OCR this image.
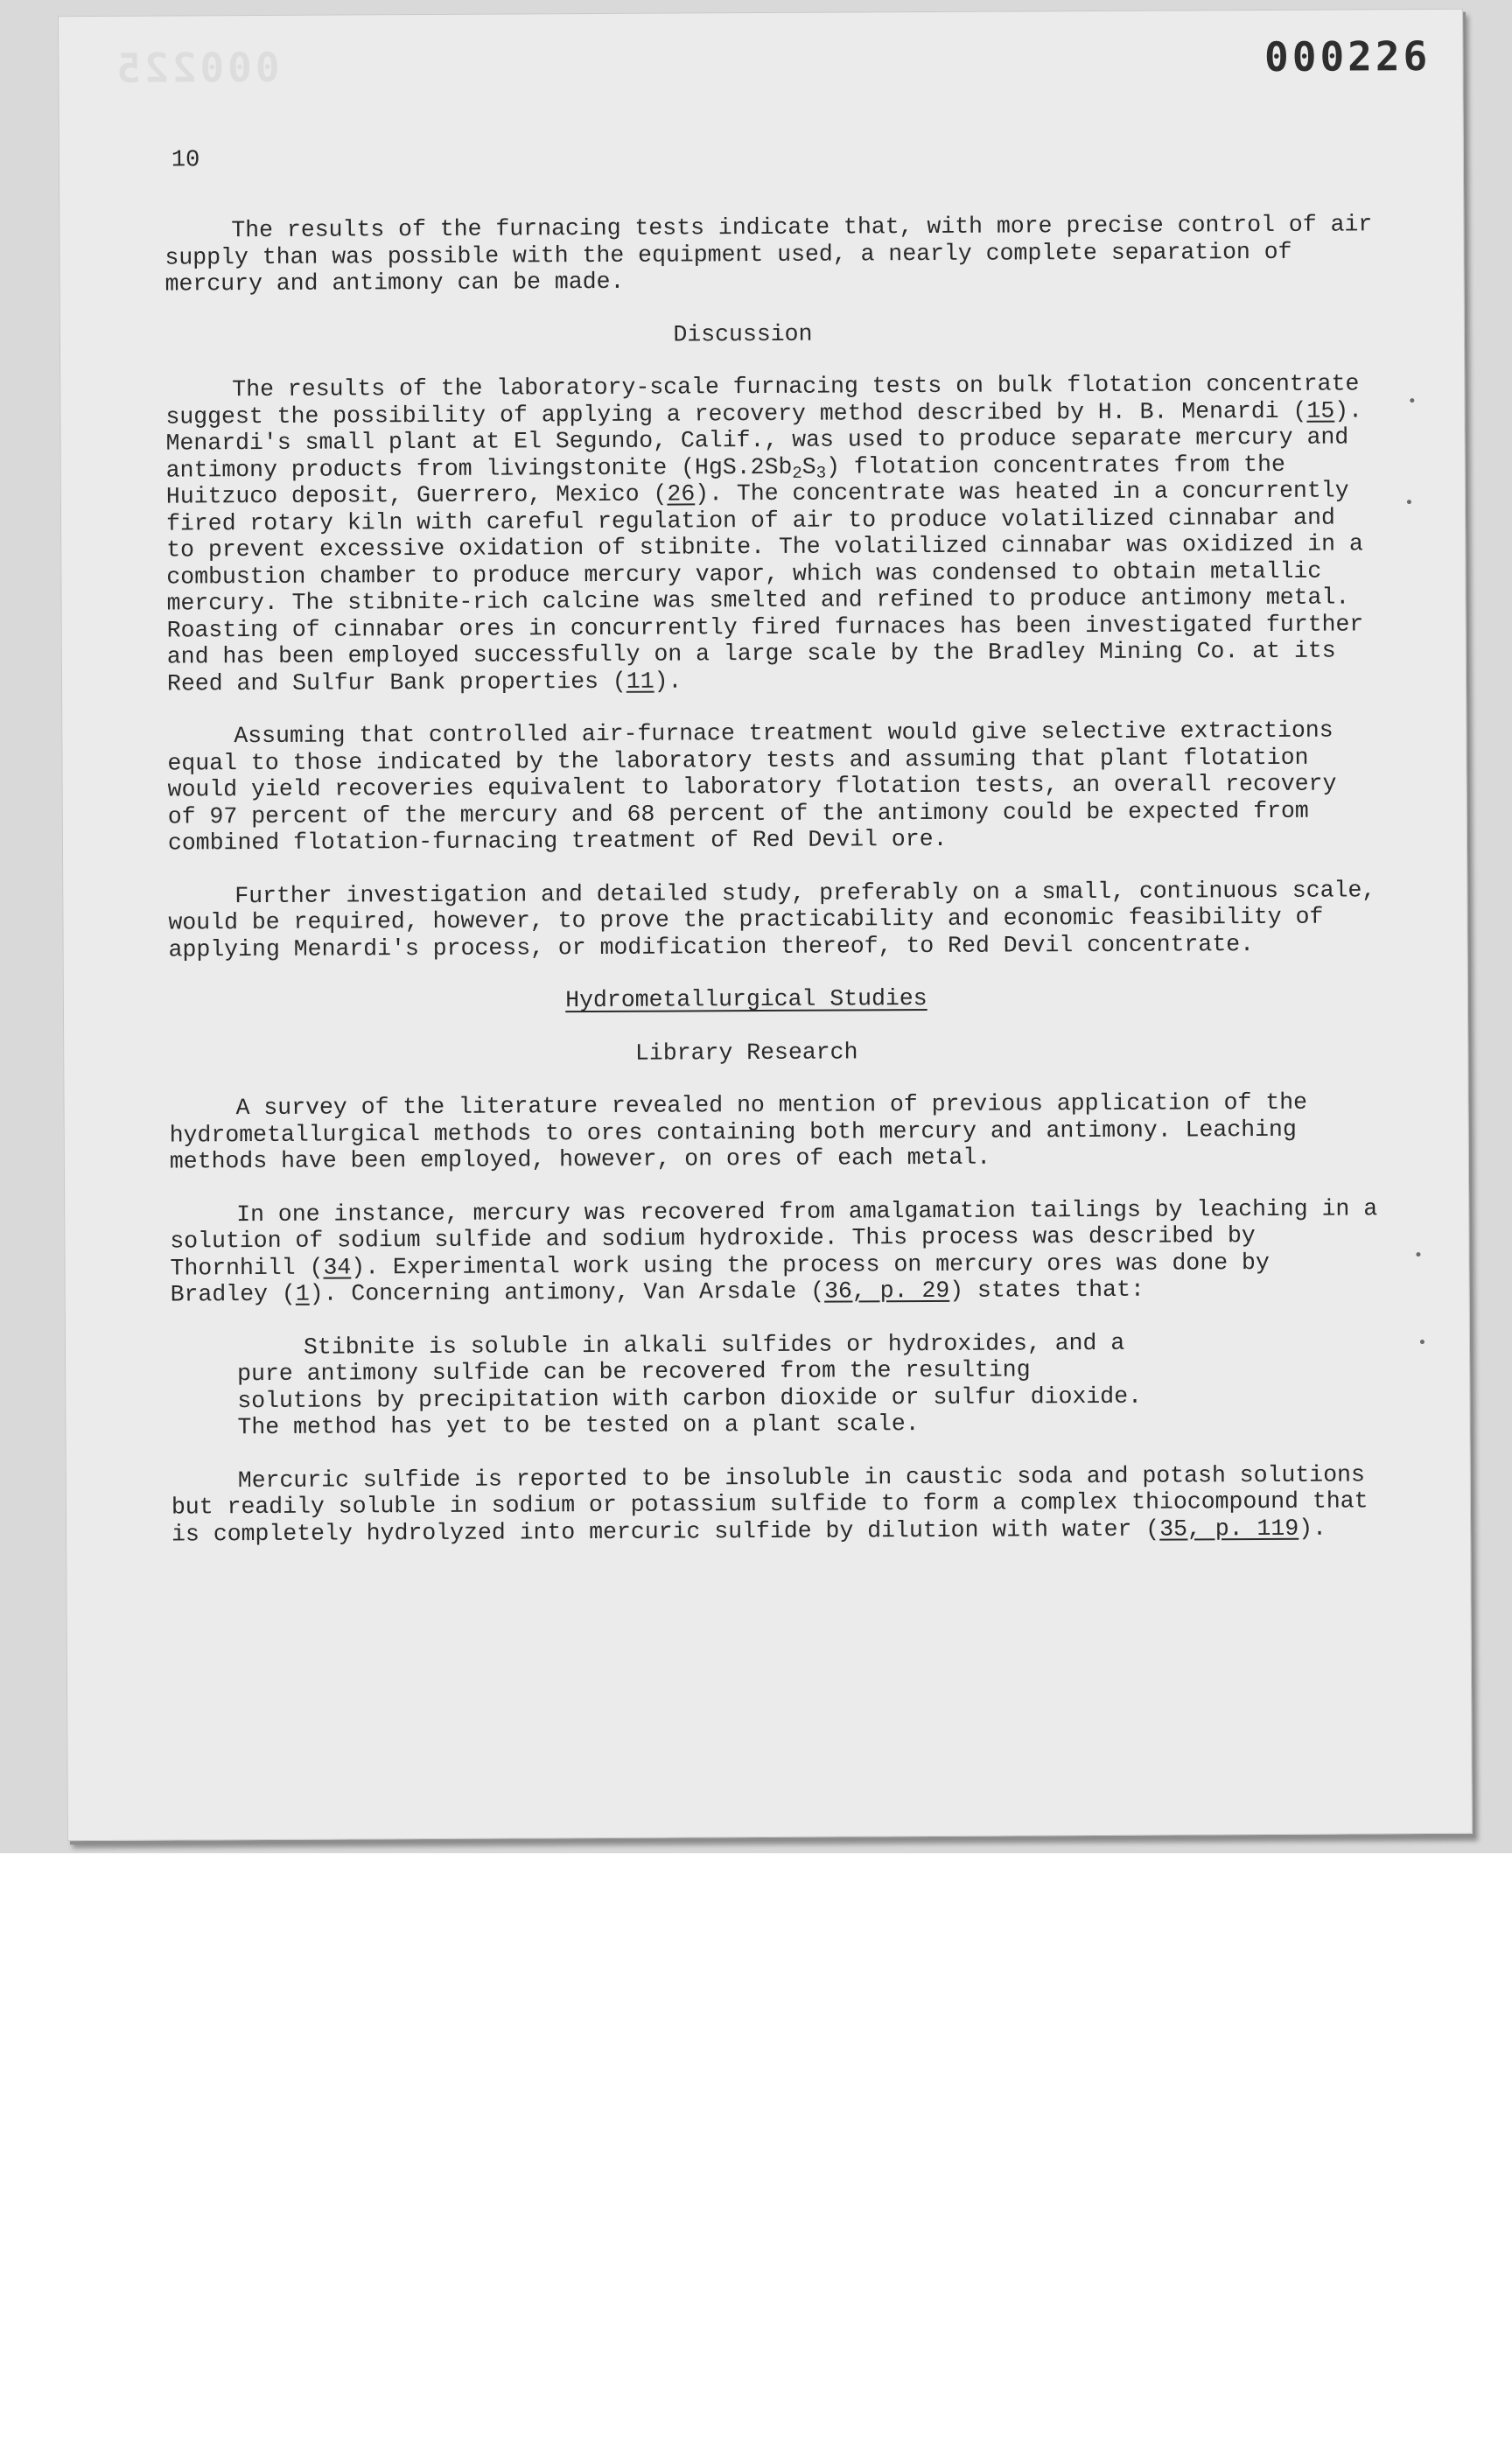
000225	000226
10

The results of the furnacing tests indicate that, with more precise control of air supply than was possible with the equipment used, a nearly complete separation of mercury and antimony can be made.

Discussion

The results of the laboratory-scale furnacing tests on bulk flotation concentrate suggest the possibility of applying a recovery method described by H. B. Menardi (15). Menardi's small plant at El Segundo, Calif., was used to produce separate mercury and antimony products from livingstonite $(HgS.2Sb_2S_3)$ flotation concentrates from the Huitzuco deposit, Guerrero, Mexico (26). The concentrate was heated in a concurrently fired rotary kiln with careful regulation of air to produce volatilized cinnabar and to prevent excessive oxidation of stibnite. The volatilized cinnabar was oxidized in a combustion chamber to produce mercury vapor, which was condensed to obtain metallic mercury. The stibnite-rich calcine was smelted and refined to produce antimony metal. Roasting of cinnabar ores in concurrently fired furnaces has been investigated further and has been employed successfully on a large scale by the Bradley Mining Co. at its Reed and Sulfur Bank properties (11).

Assuming that controlled air-furnace treatment would give selective extractions equal to those indicated by the laboratory tests and assuming that plant flotation would yield recoveries equivalent to laboratory flotation tests, an overall recovery of 97 percent of the mercury and 68 percent of the antimony could be expected from combined flotation-furnacing treatment of Red Devil ore.

Further investigation and detailed study, preferably on a small, continuous scale, would be required, however, to prove the practicability and economic feasibility of applying Menardi's process, or modification thereof, to Red Devil concentrate.

Hydrometallurgical Studies
Library Research

A survey of the literature revealed no mention of previous application of the hydrometallurgical methods to ores containing both mercury and antimony. Leaching methods have been employed, however, on ores of each metal.

In one instance, mercury was recovered from amalgamation tailings by leaching in a solution of sodium sulfide and sodium hydroxide. This process was described by Thornhill (34). Experimental work using the process on mercury ores was done by Bradley (1). Concerning antimony, Van Arsdale (36, p. 29) states that:

Stibnite is soluble in alkali sulfides or hydroxides, and a pure antimony sulfide can be recovered from the resulting solutions by precipitation with carbon dioxide or sulfur dioxide. The method has yet to be tested on a plant scale.

Mercuric sulfide is reported to be insoluble in caustic soda and potash solutions but readily soluble in sodium or potassium sulfide to form a complex thiocompound that is completely hydrolyzed into mercuric sulfide by dilution with water (35, p. 119).
